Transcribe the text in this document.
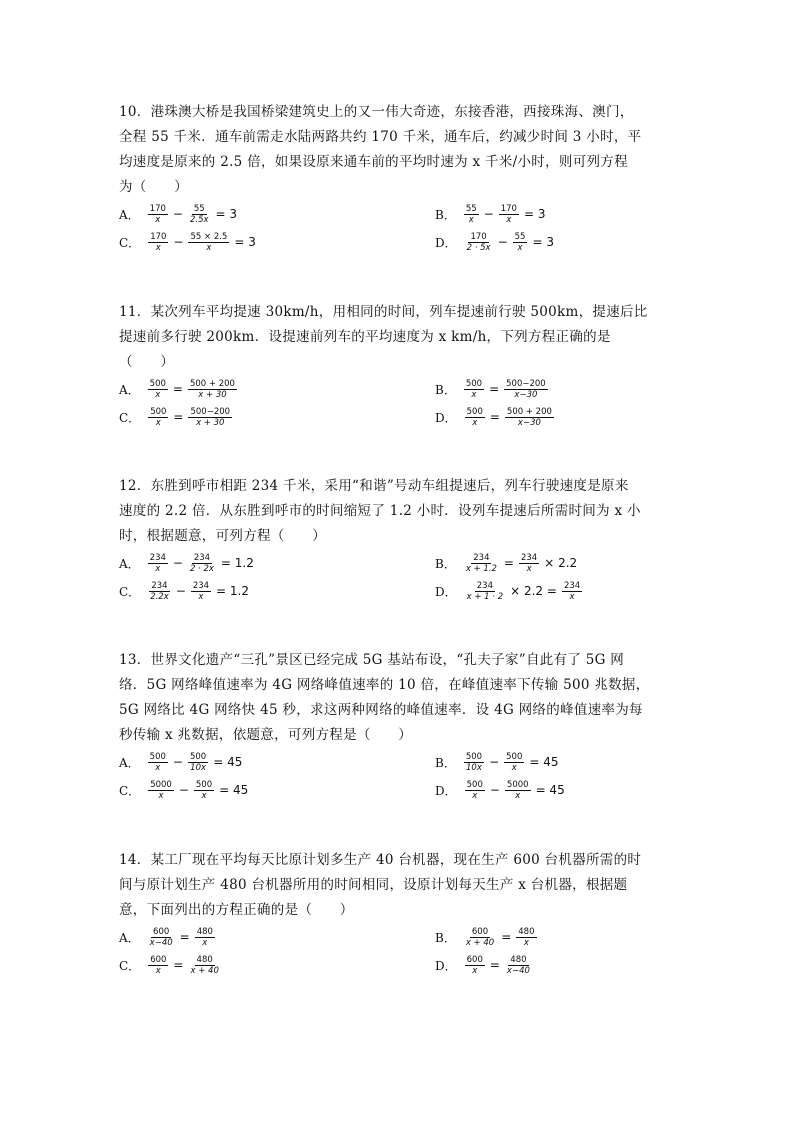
10．港珠澳大桥是我国桥梁建筑史上的又一伟大奇迹，东接香港，西接珠海、澳门，
全程 55 千米．通车前需走水陆两路共约 170 千米，通车后，约减少时间 3 小时，平
均速度是原来的 2.5 倍，如果设原来通车前的平均时速为 x 千米/小时，则可列方程
为（　　）
A． $\frac{170}{x} - \frac{55}{2.5x} = 3$	B． $\frac{55}{x} - \frac{170}{x} = 3$
C． $\frac{170}{x} - \frac{55 \times 2.5}{x} = 3$	D． $\frac{170}{2 \cdot 5x} - \frac{55}{x} = 3$
11．某次列车平均提速 30km/h，用相同的时间，列车提速前行驶 500km，提速后比
提速前多行驶 200km．设提速前列车的平均速度为 x km/h，下列方程正确的是
（　　）
A． $\frac{500}{x} = \frac{500 + 200}{x + 30}$	B． $\frac{500}{x} = \frac{500-200}{x-30}$
C． $\frac{500}{x} = \frac{500-200}{x + 30}$	D． $\frac{500}{x} = \frac{500 + 200}{x-30}$
12．东胜到呼市相距 234 千米，采用“和谐”号动车组提速后，列车行驶速度是原来
速度的 2.2 倍．从东胜到呼市的时间缩短了 1.2 小时．设列车提速后所需时间为 x 小
时，根据题意，可列方程（　　）
A． $\frac{234}{x} - \frac{234}{2 \cdot 2x} = 1.2$	B． $\frac{234}{x + 1.2} = \frac{234}{x} \times 2.2$
C． $\frac{234}{2.2x} - \frac{234}{x} = 1.2$	D． $\frac{234}{x + 1 \cdot 2} \times 2.2 = \frac{234}{x}$
13．世界文化遗产“三孔”景区已经完成 5G 基站布设，“孔夫子家”自此有了 5G 网
络．5G 网络峰值速率为 4G 网络峰值速率的 10 倍，在峰值速率下传输 500 兆数据，
5G 网络比 4G 网络快 45 秒，求这两种网络的峰值速率．设 4G 网络的峰值速率为每
秒传输 x 兆数据，依题意，可列方程是（　　）
A． $\frac{500}{x} - \frac{500}{10x} = 45$	B． $\frac{500}{10x} - \frac{500}{x} = 45$
C． $\frac{5000}{x} - \frac{500}{x} = 45$	D． $\frac{500}{x} - \frac{5000}{x} = 45$
14．某工厂现在平均每天比原计划多生产 40 台机器，现在生产 600 台机器所需的时
间与原计划生产 480 台机器所用的时间相同，设原计划每天生产 x 台机器，根据题
意，下面列出的方程正确的是（　　）
A． $\frac{600}{x-40} = \frac{480}{x}$	B． $\frac{600}{x + 40} = \frac{480}{x}$
C． $\frac{600}{x} = \frac{480}{x + 40}$	D． $\frac{600}{x} = \frac{480}{x-40}$
